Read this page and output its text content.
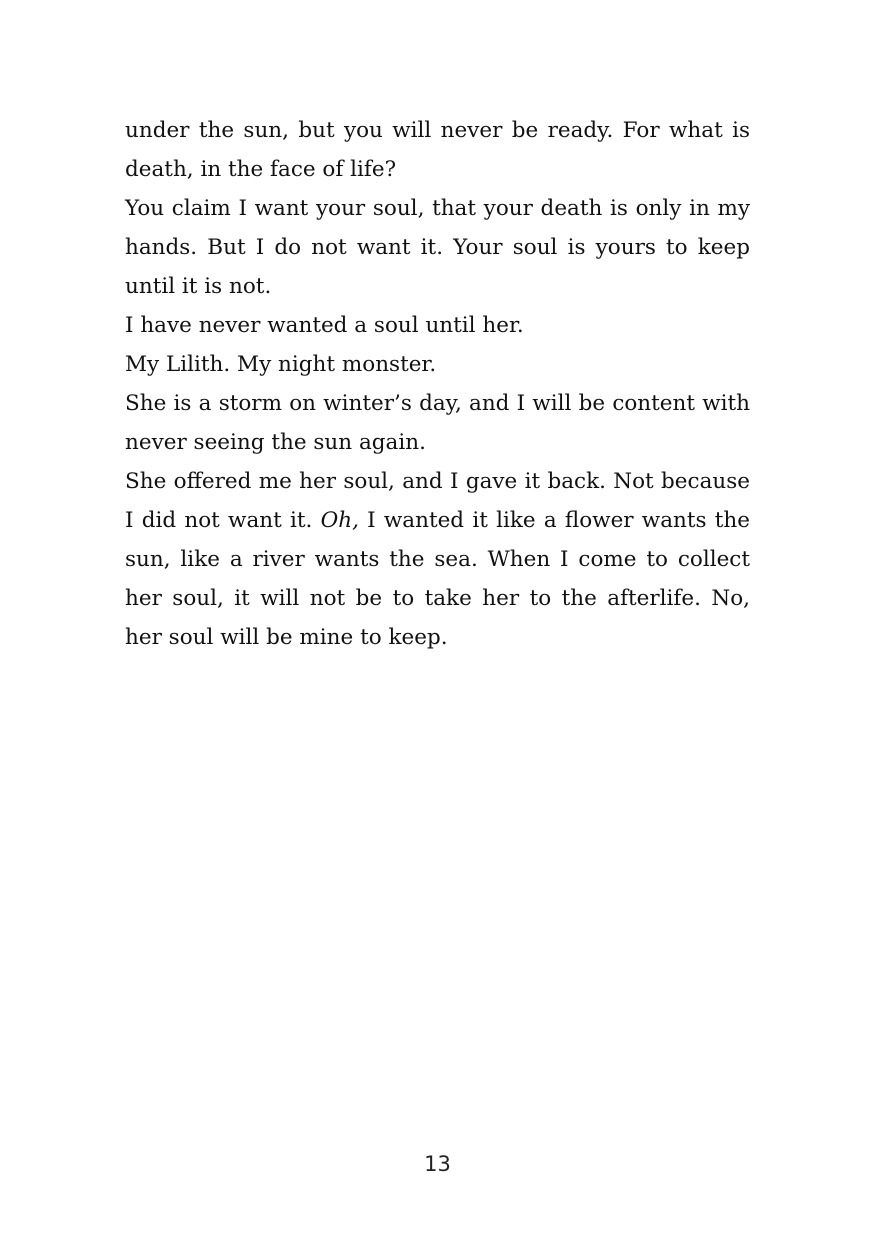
under the sun, but you will never be ready. For what is death, in the face of life?

You claim I want your soul, that your death is only in my hands. But I do not want it. Your soul is yours to keep until it is not.

I have never wanted a soul until her.

My Lilith. My night monster.

She is a storm on winter’s day, and I will be content with never seeing the sun again.

She offered me her soul, and I gave it back. Not because I did not want it. Oh, I wanted it like a flower wants the sun, like a river wants the sea. When I come to collect her soul, it will not be to take her to the afterlife. No, her soul will be mine to keep.

13
